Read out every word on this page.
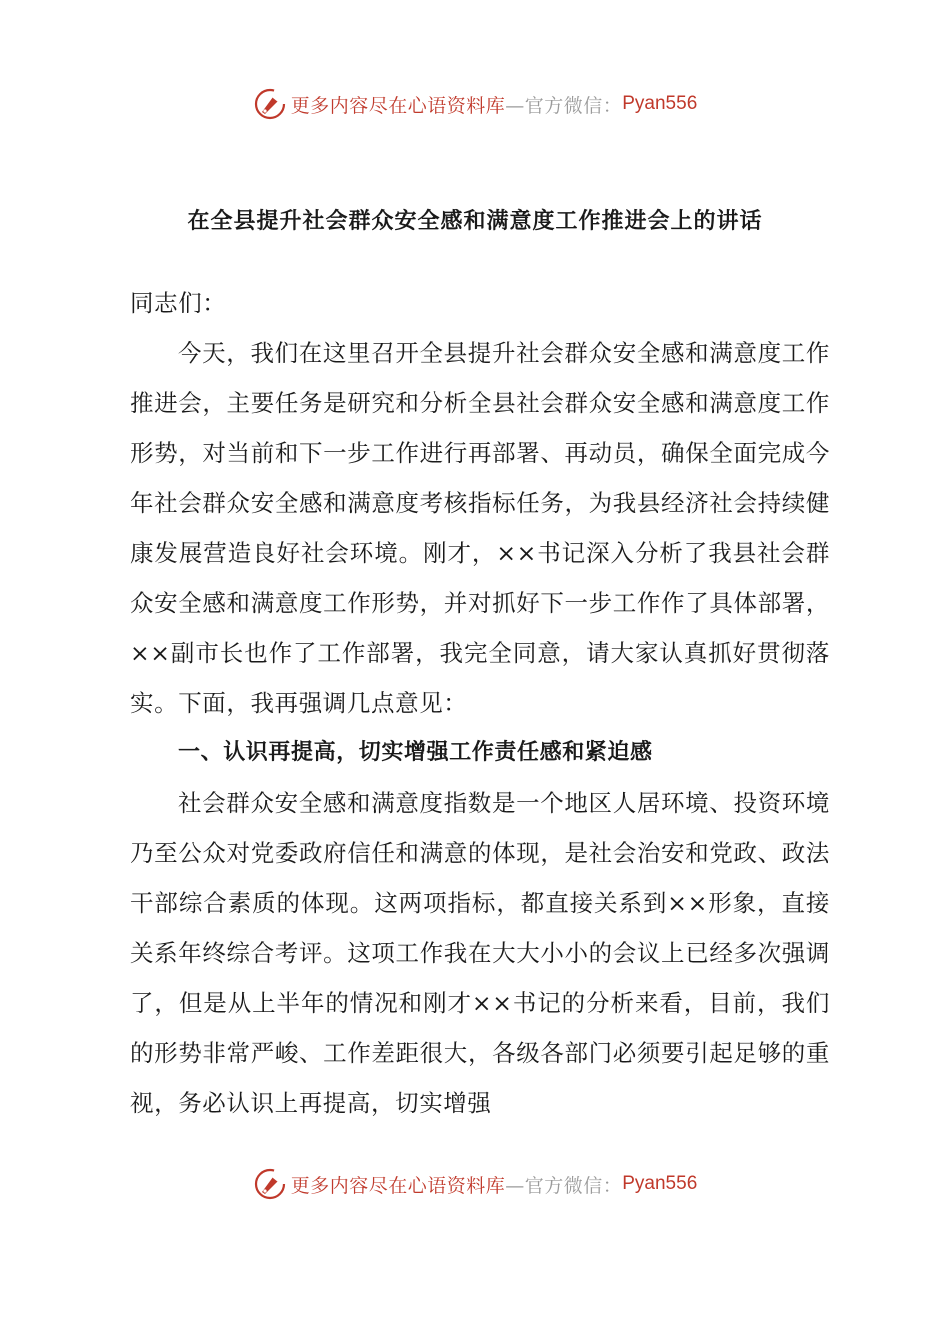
更多内容尽在心语资料库 —官方微信： Pyan556
在全县提升社会群众安全感和满意度工作推进会上的讲话

同志们：

今天，我们在这里召开全县提升社会群众安全感和满意度工作推进会，主要任务是研究和分析全县社会群众安全感和满意度工作形势，对当前和下一步工作进行再部署、再动员，确保全面完成今年社会群众安全感和满意度考核指标任务，为我县经济社会持续健康发展营造良好社会环境。刚才，××书记深入分析了我县社会群众安全感和满意度工作形势，并对抓好下一步工作作了具体部署，××副市长也作了工作部署，我完全同意，请大家认真抓好贯彻落实。下面，我再强调几点意见：

一、认识再提高，切实增强工作责任感和紧迫感

社会群众安全感和满意度指数是一个地区人居环境、投资环境乃至公众对党委政府信任和满意的体现，是社会治安和党政、政法干部综合素质的体现。这两项指标，都直接关系到××形象，直接关系年终综合考评。这项工作我在大大小小的会议上已经多次强调了，但是从上半年的情况和刚才××书记的分析来看，目前，我们的形势非常严峻、工作差距很大，各级各部门必须要引起足够的重视，务必认识上再提高，切实增强

更多内容尽在心语资料库 —官方微信： Pyan556
